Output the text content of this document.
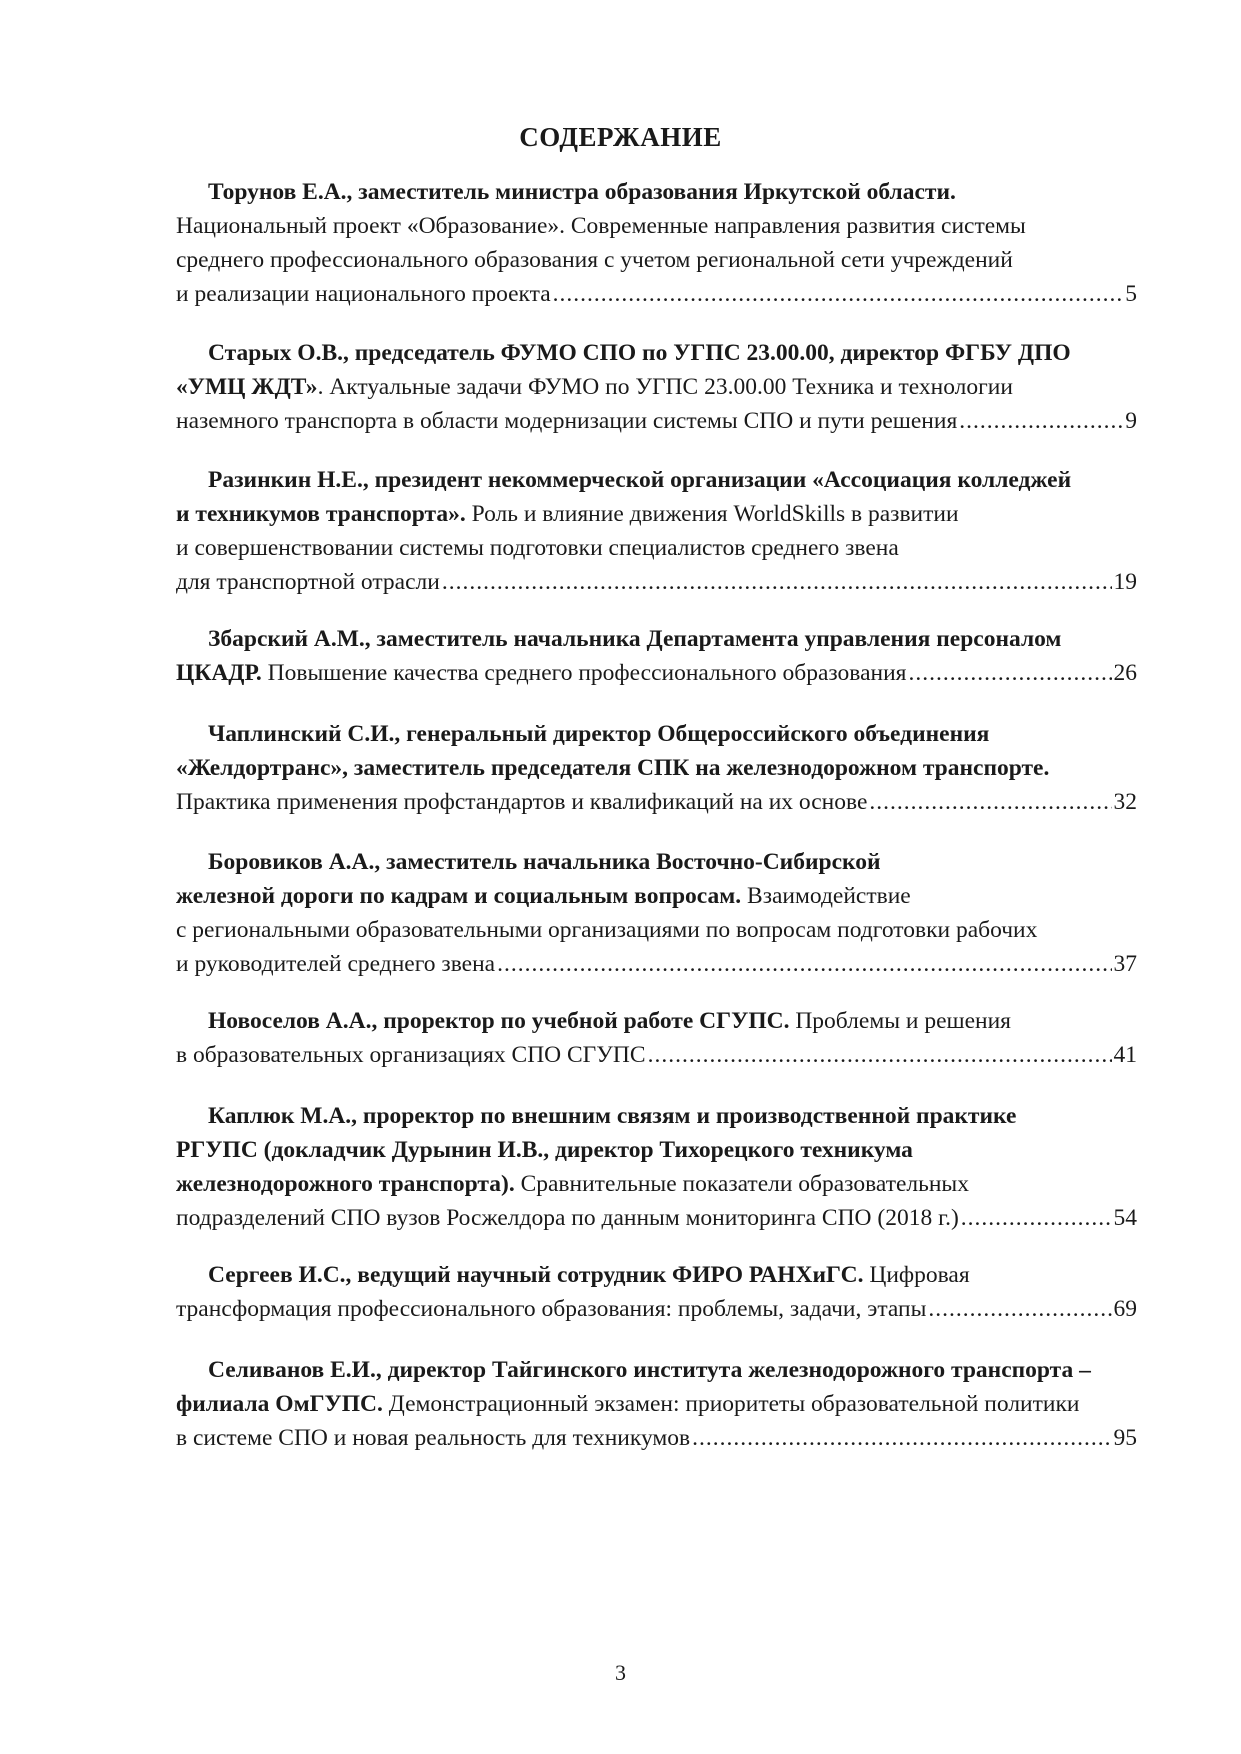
СОДЕРЖАНИЕ
Торунов Е.А., заместитель министра образования Иркутской области.
Национальный проект «Образование». Современные направления развития системы
среднего профессионального образования с учетом региональной сети учреждений
и реализации национального проекта .....	5
Старых О.В., председатель ФУМО СПО по УГПС 23.00.00, директор ФГБУ ДПО
«УМЦ ЖДТ». Актуальные задачи ФУМО по УГПС 23.00.00 Техника и технологии
наземного транспорта в области модернизации системы СПО и пути решения .....	9
Разинкин Н.Е., президент некоммерческой организации «Ассоциация колледжей
и техникумов транспорта». Роль и влияние движения WorldSkills в развитии
и совершенствовании системы подготовки специалистов среднего звена
для транспортной отрасли .....	19
Збарский А.М., заместитель начальника Департамента управления персоналом
ЦКАДР. Повышение качества среднего профессионального образования .....	26
Чаплинский С.И., генеральный директор Общероссийского объединения
«Желдортранс», заместитель председателя СПК на железнодорожном транспорте.
Практика применения профстандартов и квалификаций на их основе .....	32
Боровиков А.А., заместитель начальника Восточно-Сибирской
железной дороги по кадрам и социальным вопросам. Взаимодействие
с региональными образовательными организациями по вопросам подготовки рабочих
и руководителей среднего звена .....	37
Новоселов А.А., проректор по учебной работе СГУПС. Проблемы и решения
в образовательных организациях СПО СГУПС .....	41
Каплюк М.А., проректор по внешним связям и производственной практике
РГУПС (докладчик Дурынин И.В., директор Тихорецкого техникума
железнодорожного транспорта). Сравнительные показатели образовательных
подразделений СПО вузов Росжелдора по данным мониторинга СПО (2018 г.) .....	54
Сергеев И.С., ведущий научный сотрудник ФИРО РАНХиГС. Цифровая
трансформация профессионального образования: проблемы, задачи, этапы .....	69
Селиванов Е.И., директор Тайгинского института железнодорожного транспорта –
филиала ОмГУПС. Демонстрационный экзамен: приоритеты образовательной политики
в системе СПО и новая реальность для техникумов .....	95
3
